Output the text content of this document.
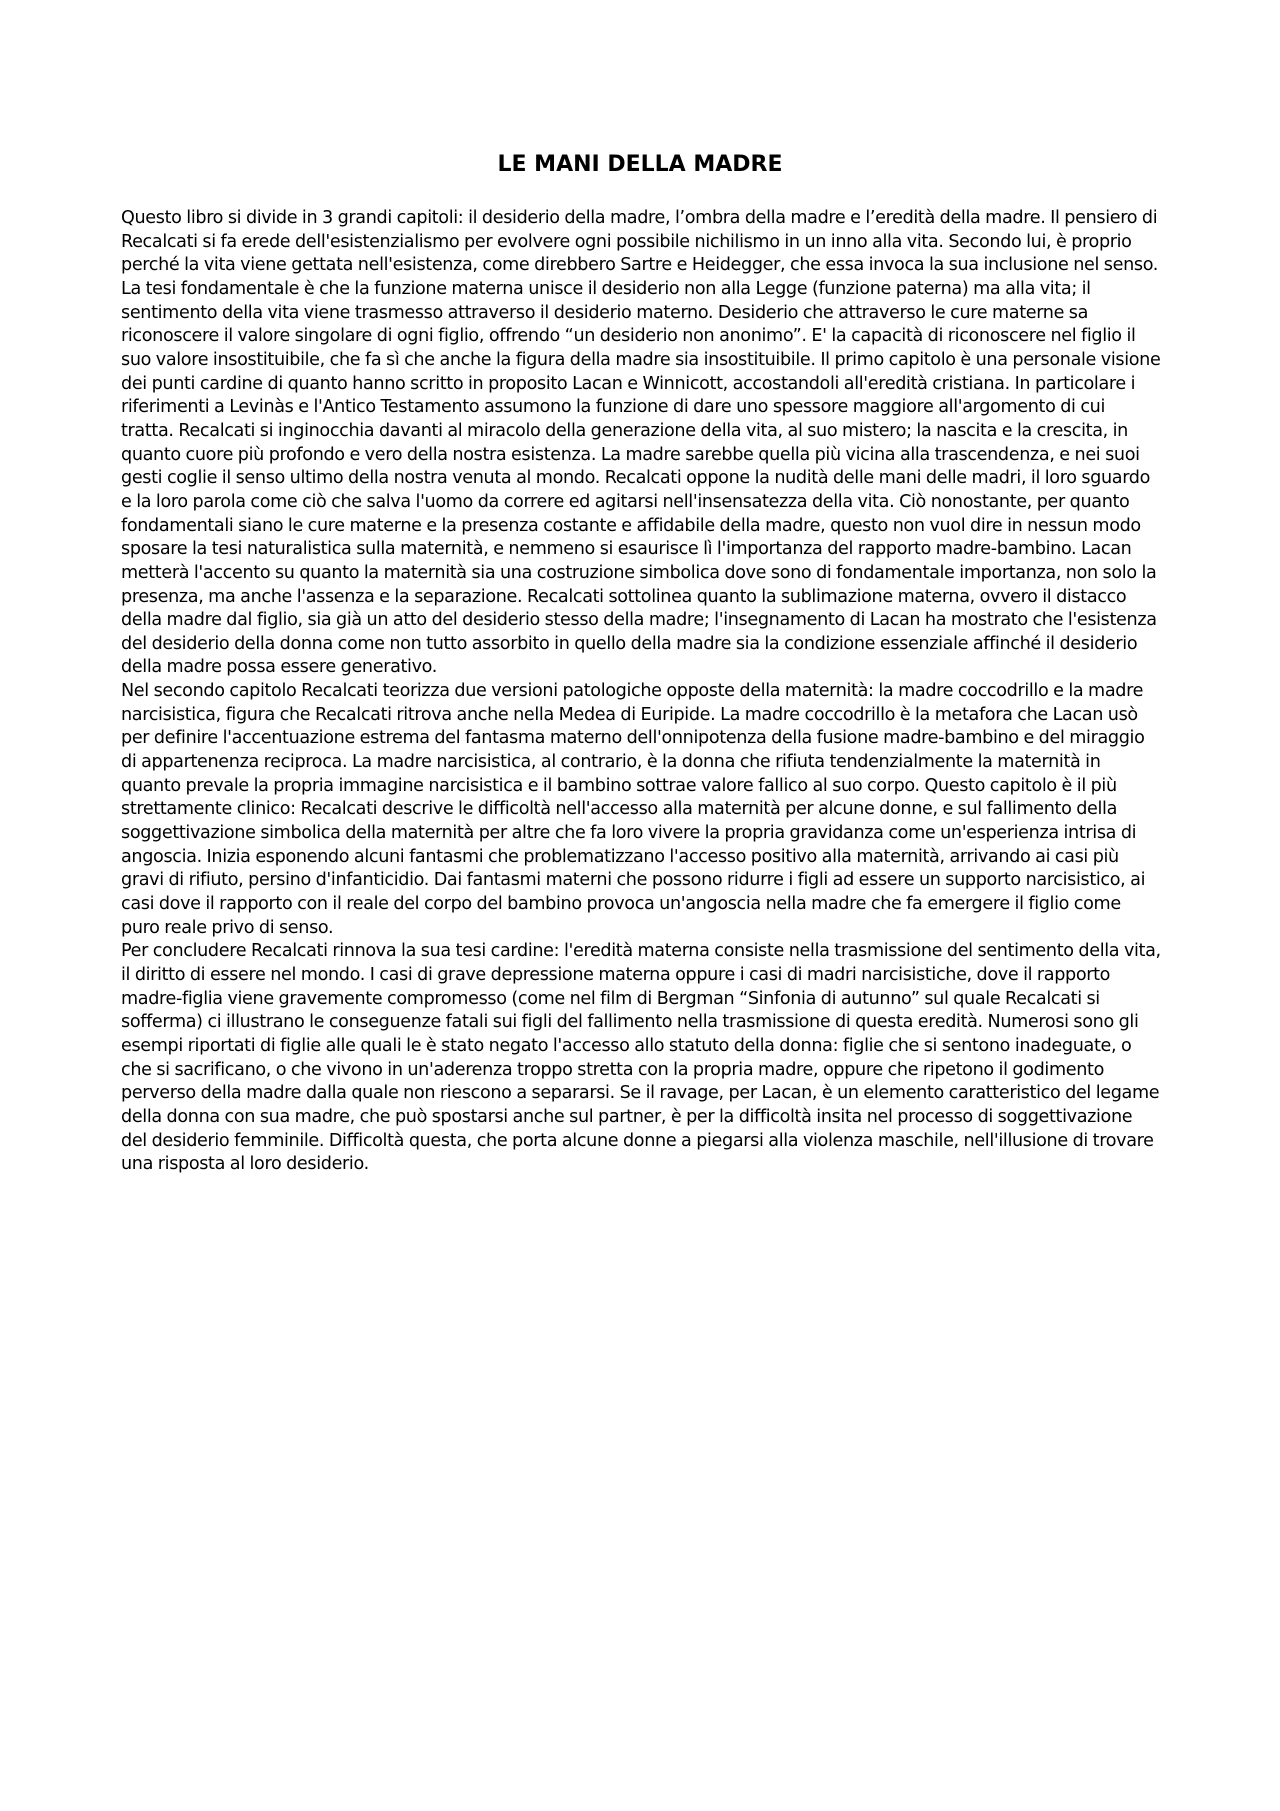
LE MANI DELLA MADRE

Questo libro si divide in 3 grandi capitoli: il desiderio della madre, l’ombra della madre e l’eredità della madre. Il pensiero di Recalcati si fa erede dell'esistenzialismo per evolvere ogni possibile nichilismo in un inno alla vita. Secondo lui, è proprio perché la vita viene gettata nell'esistenza, come direbbero Sartre e Heidegger, che essa invoca la sua inclusione nel senso. La tesi fondamentale è che la funzione materna unisce il desiderio non alla Legge (funzione paterna) ma alla vita; il sentimento della vita viene trasmesso attraverso il desiderio materno. Desiderio che attraverso le cure materne sa riconoscere il valore singolare di ogni figlio, offrendo “un desiderio non anonimo”. E' la capacità di riconoscere nel figlio il suo valore insostituibile, che fa sì che anche la figura della madre sia insostituibile. Il primo capitolo è una personale visione dei punti cardine di quanto hanno scritto in proposito Lacan e Winnicott, accostandoli all'eredità cristiana. In particolare i riferimenti a Levinàs e l'Antico Testamento assumono la funzione di dare uno spessore maggiore all'argomento di cui tratta. Recalcati si inginocchia davanti al miracolo della generazione della vita, al suo mistero; la nascita e la crescita, in quanto cuore più profondo e vero della nostra esistenza. La madre sarebbe quella più vicina alla trascendenza, e nei suoi gesti coglie il senso ultimo della nostra venuta al mondo. Recalcati oppone la nudità delle mani delle madri, il loro sguardo e la loro parola come ciò che salva l'uomo da correre ed agitarsi nell'insensatezza della vita. Ciò nonostante, per quanto fondamentali siano le cure materne e la presenza costante e affidabile della madre, questo non vuol dire in nessun modo sposare la tesi naturalistica sulla maternità, e nemmeno si esaurisce lì l'importanza del rapporto madre-bambino. Lacan metterà l'accento su quanto la maternità sia una costruzione simbolica dove sono di fondamentale importanza, non solo la presenza, ma anche l'assenza e la separazione. Recalcati sottolinea quanto la sublimazione materna, ovvero il distacco della madre dal figlio, sia già un atto del desiderio stesso della madre; l'insegnamento di Lacan ha mostrato che l'esistenza del desiderio della donna come non tutto assorbito in quello della madre sia la condizione essenziale affinché il desiderio della madre possa essere generativo.

Nel secondo capitolo Recalcati teorizza due versioni patologiche opposte della maternità: la madre coccodrillo e la madre narcisistica, figura che Recalcati ritrova anche nella Medea di Euripide. La madre coccodrillo è la metafora che Lacan usò per definire l'accentuazione estrema del fantasma materno dell'onnipotenza della fusione madre-bambino e del miraggio di appartenenza reciproca. La madre narcisistica, al contrario, è la donna che rifiuta tendenzialmente la maternità in quanto prevale la propria immagine narcisistica e il bambino sottrae valore fallico al suo corpo. Questo capitolo è il più strettamente clinico: Recalcati descrive le difficoltà nell'accesso alla maternità per alcune donne, e sul fallimento della soggettivazione simbolica della maternità per altre che fa loro vivere la propria gravidanza come un'esperienza intrisa di angoscia. Inizia esponendo alcuni fantasmi che problematizzano l'accesso positivo alla maternità, arrivando ai casi più gravi di rifiuto, persino d'infanticidio. Dai fantasmi materni che possono ridurre i figli ad essere un supporto narcisistico, ai casi dove il rapporto con il reale del corpo del bambino provoca un'angoscia nella madre che fa emergere il figlio come puro reale privo di senso.

Per concludere Recalcati rinnova la sua tesi cardine: l'eredità materna consiste nella trasmissione del sentimento della vita, il diritto di essere nel mondo. I casi di grave depressione materna oppure i casi di madri narcisistiche, dove il rapporto madre-figlia viene gravemente compromesso (come nel film di Bergman “Sinfonia di autunno” sul quale Recalcati si sofferma) ci illustrano le conseguenze fatali sui figli del fallimento nella trasmissione di questa eredità. Numerosi sono gli esempi riportati di figlie alle quali le è stato negato l'accesso allo statuto della donna: figlie che si sentono inadeguate, o che si sacrificano, o che vivono in un'aderenza troppo stretta con la propria madre, oppure che ripetono il godimento perverso della madre dalla quale non riescono a separarsi. Se il ravage, per Lacan, è un elemento caratteristico del legame della donna con sua madre, che può spostarsi anche sul partner, è per la difficoltà insita nel processo di soggettivazione del desiderio femminile. Difficoltà questa, che porta alcune donne a piegarsi alla violenza maschile, nell'illusione di trovare una risposta al loro desiderio.
